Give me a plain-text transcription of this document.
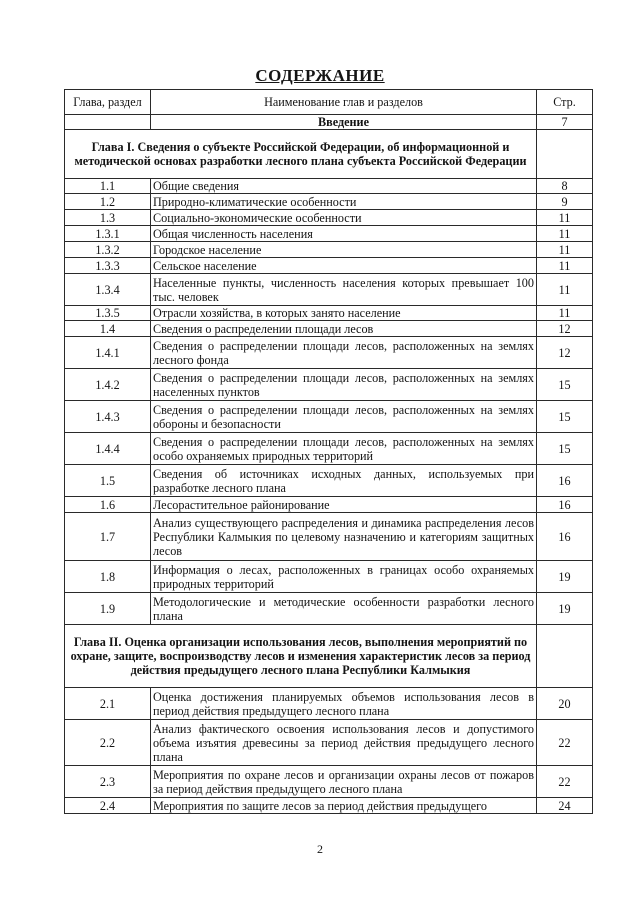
СОДЕРЖАНИЕ
Глава, раздел	Наименование глав и разделов	Стр.
	Введение	7
Глава I. Сведения о субъекте Российской Федерации, об информационной и методической основах разработки лесного плана субъекта Российской Федерации		
1.1	Общие сведения	8
1.2	Природно-климатические особенности	9
1.3	Социально-экономические особенности	11
1.3.1	Общая численность населения	11
1.3.2	Городское население	11
1.3.3	Сельское население	11
1.3.4	Населенные пункты, численность населения которых превышает 100 тыс. человек	11
1.3.5	Отрасли хозяйства, в которых занято население	11
1.4	Сведения о распределении площади лесов	12
1.4.1	Сведения о распределении площади лесов, расположенных на землях лесного фонда	12
1.4.2	Сведения о распределении площади лесов, расположенных на землях населенных пунктов	15
1.4.3	Сведения о распределении площади лесов, расположенных на землях обороны и безопасности	15
1.4.4	Сведения о распределении площади лесов, расположенных на землях особо охраняемых природных территорий	15
1.5	Сведения об источниках исходных данных, используемых при разработке лесного плана	16
1.6	Лесорастительное районирование	16
1.7	Анализ существующего распределения и динамика распределения лесов Республики Калмыкия по целевому назначению и категориям защитных лесов	16
1.8	Информация о лесах, расположенных в границах особо охраняемых природных территорий	19
1.9	Методологические и методические особенности разработки лесного плана	19
Глава II. Оценка организации использования лесов, выполнения мероприятий по охране, защите, воспроизводству лесов и изменения характеристик лесов за период действия предыдущего лесного плана Республики Калмыкия		
2.1	Оценка достижения планируемых объемов использования лесов в период действия предыдущего лесного плана	20
2.2	Анализ фактического освоения использования лесов и допустимого объема изъятия древесины за период действия предыдущего лесного плана	22
2.3	Мероприятия по охране лесов и организации охраны лесов от пожаров за период действия предыдущего лесного плана	22
2.4	Мероприятия по защите лесов за период действия предыдущего	24
2
